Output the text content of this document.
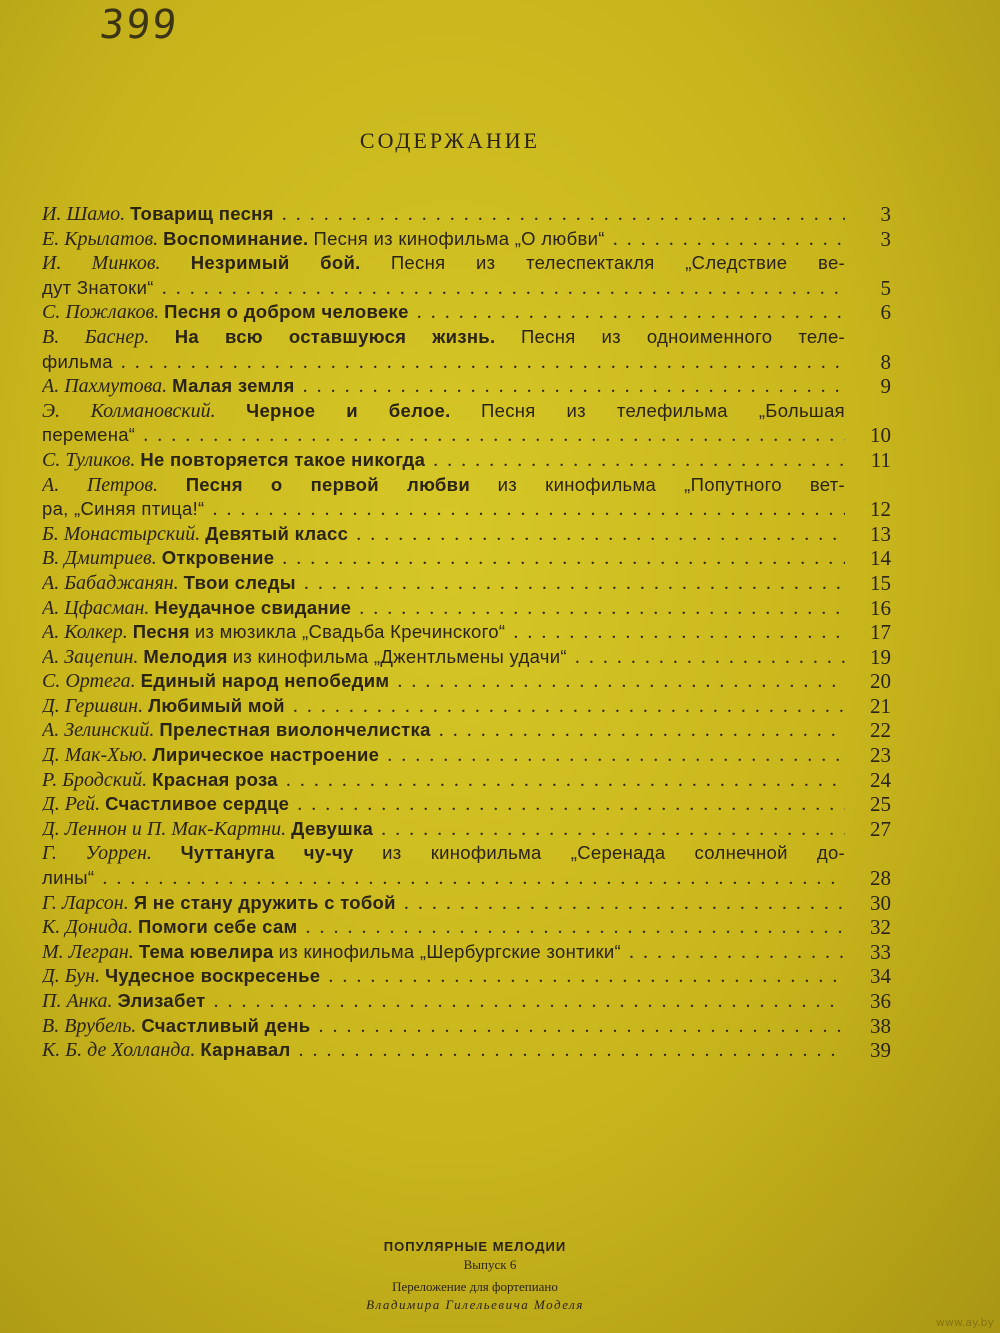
399
СОДЕРЖАНИЕ
И. Шамо. Товарищ песня . . .	3
Е. Крылатов. Воспоминание. Песня из кинофильма „О любви“ . . .	3
И. Минков. Незримый бой. Песня из телеспектакля „Следствие ве-
дут Знатоки“ . . .	5
С. Пожлаков. Песня о добром человеке . . .	6
В. Баснер. На всю оставшуюся жизнь. Песня из одноименного теле-
фильма . . .	8
А. Пахмутова. Малая земля . . .	9
Э. Колмановский. Черное и белое. Песня из телефильма „Большая
перемена“ . . .	10
С. Туликов. Не повторяется такое никогда . . .	11
А. Петров. Песня о первой любви из кинофильма „Попутного вет-
ра, „Синяя птица!“ . . .	12
Б. Монастырский. Девятый класс . . .	13
В. Дмитриев. Откровение . . .	14
А. Бабаджанян. Твои следы . . .	15
А. Цфасман. Неудачное свидание . . .	16
А. Колкер. Песня из мюзикла „Свадьба Кречинского“ . . .	17
А. Зацепин. Мелодия из кинофильма „Джентльмены удачи“ . . .	19
С. Ортега. Единый народ непобедим . . .	20
Д. Гершвин. Любимый мой . . .	21
А. Зелинский. Прелестная виолончелистка . . .	22
Д. Мак-Хью. Лирическое настроение . . .	23
Р. Бродский. Красная роза . . .	24
Д. Рей. Счастливое сердце . . .	25
Д. Леннон и П. Мак-Картни. Девушка . . .	27
Г. Уоррен. Чуттануга чу-чу из кинофильма „Серенада солнечной до-
лины“ . . .	28
Г. Ларсон. Я не стану дружить с тобой . . .	30
К. Донида. Помоги себе сам . . .	32
М. Легран. Тема ювелира из кинофильма „Шербургские зонтики“ . . .	33
Д. Бун. Чудесное воскресенье . . .	34
П. Анка. Элизабет . . .	36
В. Врубель. Счастливый день . . .	38
К. Б. де Холланда. Карнавал . . .	39
ПОПУЛЯРНЫЕ МЕЛОДИИ
Выпуск 6
Переложение для фортепиано
Владимира Гилельевича Моделя
www.ay.by
